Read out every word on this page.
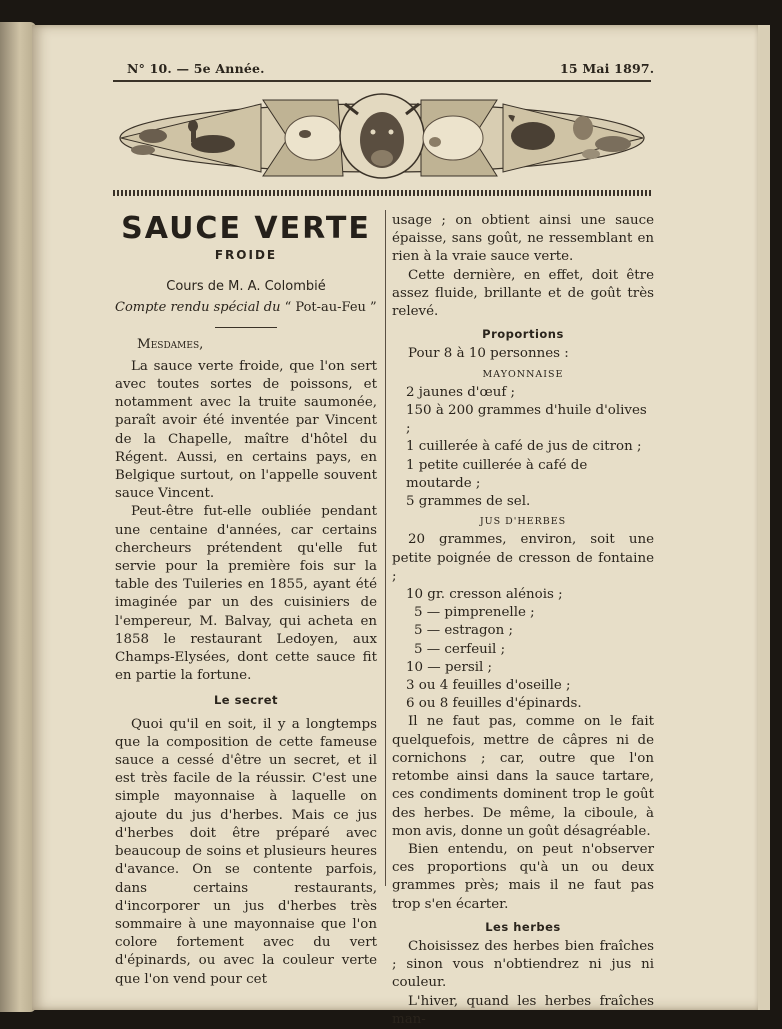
N° 10. — 5e Année.	15 Mai 1897.
SAUCE VERTE
FROIDE
Cours de M. A. Colombié

Compte rendu spécial du “ Pot-au-Feu ”

Mesdames,

La sauce verte froide, que l'on sert avec toutes sortes de poissons, et notamment avec la truite saumonée, paraît avoir été inventée par Vincent de la Chapelle, maître d'hôtel du Régent. Aussi, en certains pays, en Belgique surtout, on l'appelle souvent sauce Vincent.

Peut-être fut-elle oubliée pendant une centaine d'années, car certains chercheurs prétendent qu'elle fut servie pour la première fois sur la table des Tuileries en 1855, ayant été imaginée par un des cuisiniers de l'empereur, M. Balvay, qui acheta en 1858 le restaurant Ledoyen, aux Champs-Elysées, dont cette sauce fit en partie la fortune.

Le secret

Quoi qu'il en soit, il y a longtemps que la composition de cette fameuse sauce a cessé d'être un secret, et il est très facile de la réussir. C'est une simple mayonnaise à laquelle on ajoute du jus d'herbes. Mais ce jus d'herbes doit être préparé avec beaucoup de soins et plusieurs heures d'avance. On se contente parfois, dans certains restaurants, d'incorporer un jus d'herbes très sommaire à une mayonnaise que l'on colore fortement avec du vert d'épinards, ou avec la couleur verte que l'on vend pour cet

usage ; on obtient ainsi une sauce épaisse, sans goût, ne ressemblant en rien à la vraie sauce verte.

Cette dernière, en effet, doit être assez fluide, brillante et de goût très relevé.

Proportions

Pour 8 à 10 personnes :

MAYONNAISE

2 jaunes d'œuf ;

150 à 200 grammes d'huile d'olives ;

1 cuillerée à café de jus de citron ;

1 petite cuillerée à café de moutarde ;

5 grammes de sel.

JUS D'HERBES

20 grammes, environ, soit une petite poignée de cresson de fontaine ;

10 gr. cresson alénois ;

5 — pimprenelle ;

5 — estragon ;

5 — cerfeuil ;

10 — persil ;

3 ou 4 feuilles d'oseille ;

6 ou 8 feuilles d'épinards.

Il ne faut pas, comme on le fait quelquefois, mettre de câpres ni de cornichons ; car, outre que l'on retombe ainsi dans la sauce tartare, ces condiments dominent trop le goût des herbes. De même, la ciboule, à mon avis, donne un goût désagréable.

Bien entendu, on peut n'observer ces proportions qu'à un ou deux grammes près; mais il ne faut pas trop s'en écarter.

Les herbes

Choisissez des herbes bien fraîches ; sinon vous n'obtiendrez ni jus ni couleur.

L'hiver, quand les herbes fraîches man-
